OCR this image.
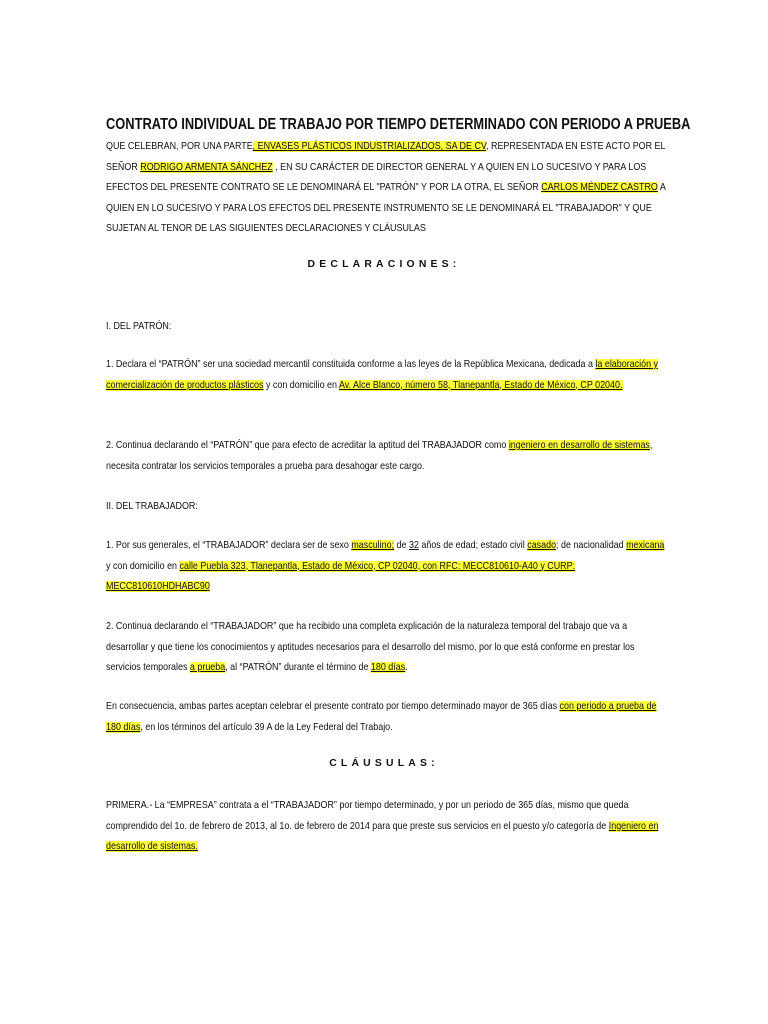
CONTRATO INDIVIDUAL DE TRABAJO POR TIEMPO DETERMINADO CON PERIODO A PRUEBA
QUE CELEBRAN, POR UNA PARTE, ENVASES PLÁSTICOS INDUSTRIALIZADOS, SA DE CV, REPRESENTADA EN ESTE ACTO POR EL SEÑOR RODRIGO ARMENTA SÁNCHEZ , EN SU CARÁCTER DE DIRECTOR GENERAL Y A QUIEN EN LO SUCESIVO Y PARA LOS EFECTOS DEL PRESENTE CONTRATO SE LE DENOMINARÁ EL "PATRÓN" Y POR LA OTRA, EL SEÑOR CARLOS MÉNDEZ CASTRO A QUIEN EN LO SUCESIVO Y PARA LOS EFECTOS DEL PRESENTE INSTRUMENTO SE LE DENOMINARÁ EL "TRABAJADOR" Y QUE SUJETAN AL TENOR DE LAS SIGUIENTES DECLARACIONES Y CLÁUSULAS
DECLARACIONES:
I. DEL PATRÓN:
1. Declara el “PATRÓN” ser una sociedad mercantil constituida conforme a las leyes de la República Mexicana, dedicada a la elaboración y comercialización de productos plásticos y con domicilio en Av. Alce Blanco, número 58, Tlanepantla, Estado de México, CP 02040.
2. Continua declarando el “PATRÓN” que para efecto de acreditar la aptitud del TRABAJADOR como ingeniero en desarrollo de sistemas, necesita contratar los servicios temporales a prueba para desahogar este cargo.
II. DEL TRABAJADOR:
1. Por sus generales, el “TRABAJADOR” declara ser de sexo masculino; de 32 años de edad; estado civil casado; de nacionalidad mexicana y con domicilio en calle Puebla 323, Tlanepantla, Estado de México, CP 02040, con RFC: MECC810610-A40 y CURP: MECC810610HDHABC90
2. Continua declarando el “TRABAJADOR” que ha recibido una completa explicación de la naturaleza temporal del trabajo que va a desarrollar y que tiene los conocimientos y aptitudes necesarios para el desarrollo del mismo, por lo que está conforme en prestar los servicios temporales a prueba, al “PATRÓN” durante el término de 180 días.
En consecuencia, ambas partes aceptan celebrar el presente contrato por tiempo determinado mayor de 365 días con periodo a prueba de 180 días, en los términos del artículo 39 A de la Ley Federal del Trabajo.
CLÁUSULAS:
PRIMERA.- La “EMPRESA” contrata a el “TRABAJADOR” por tiempo determinado, y por un periodo de 365 días, mismo que queda comprendido del 1o. de febrero de 2013, al 1o. de febrero de 2014 para que preste sus servicios en el puesto y/o categoría de Ingeniero en desarrollo de sistemas.
